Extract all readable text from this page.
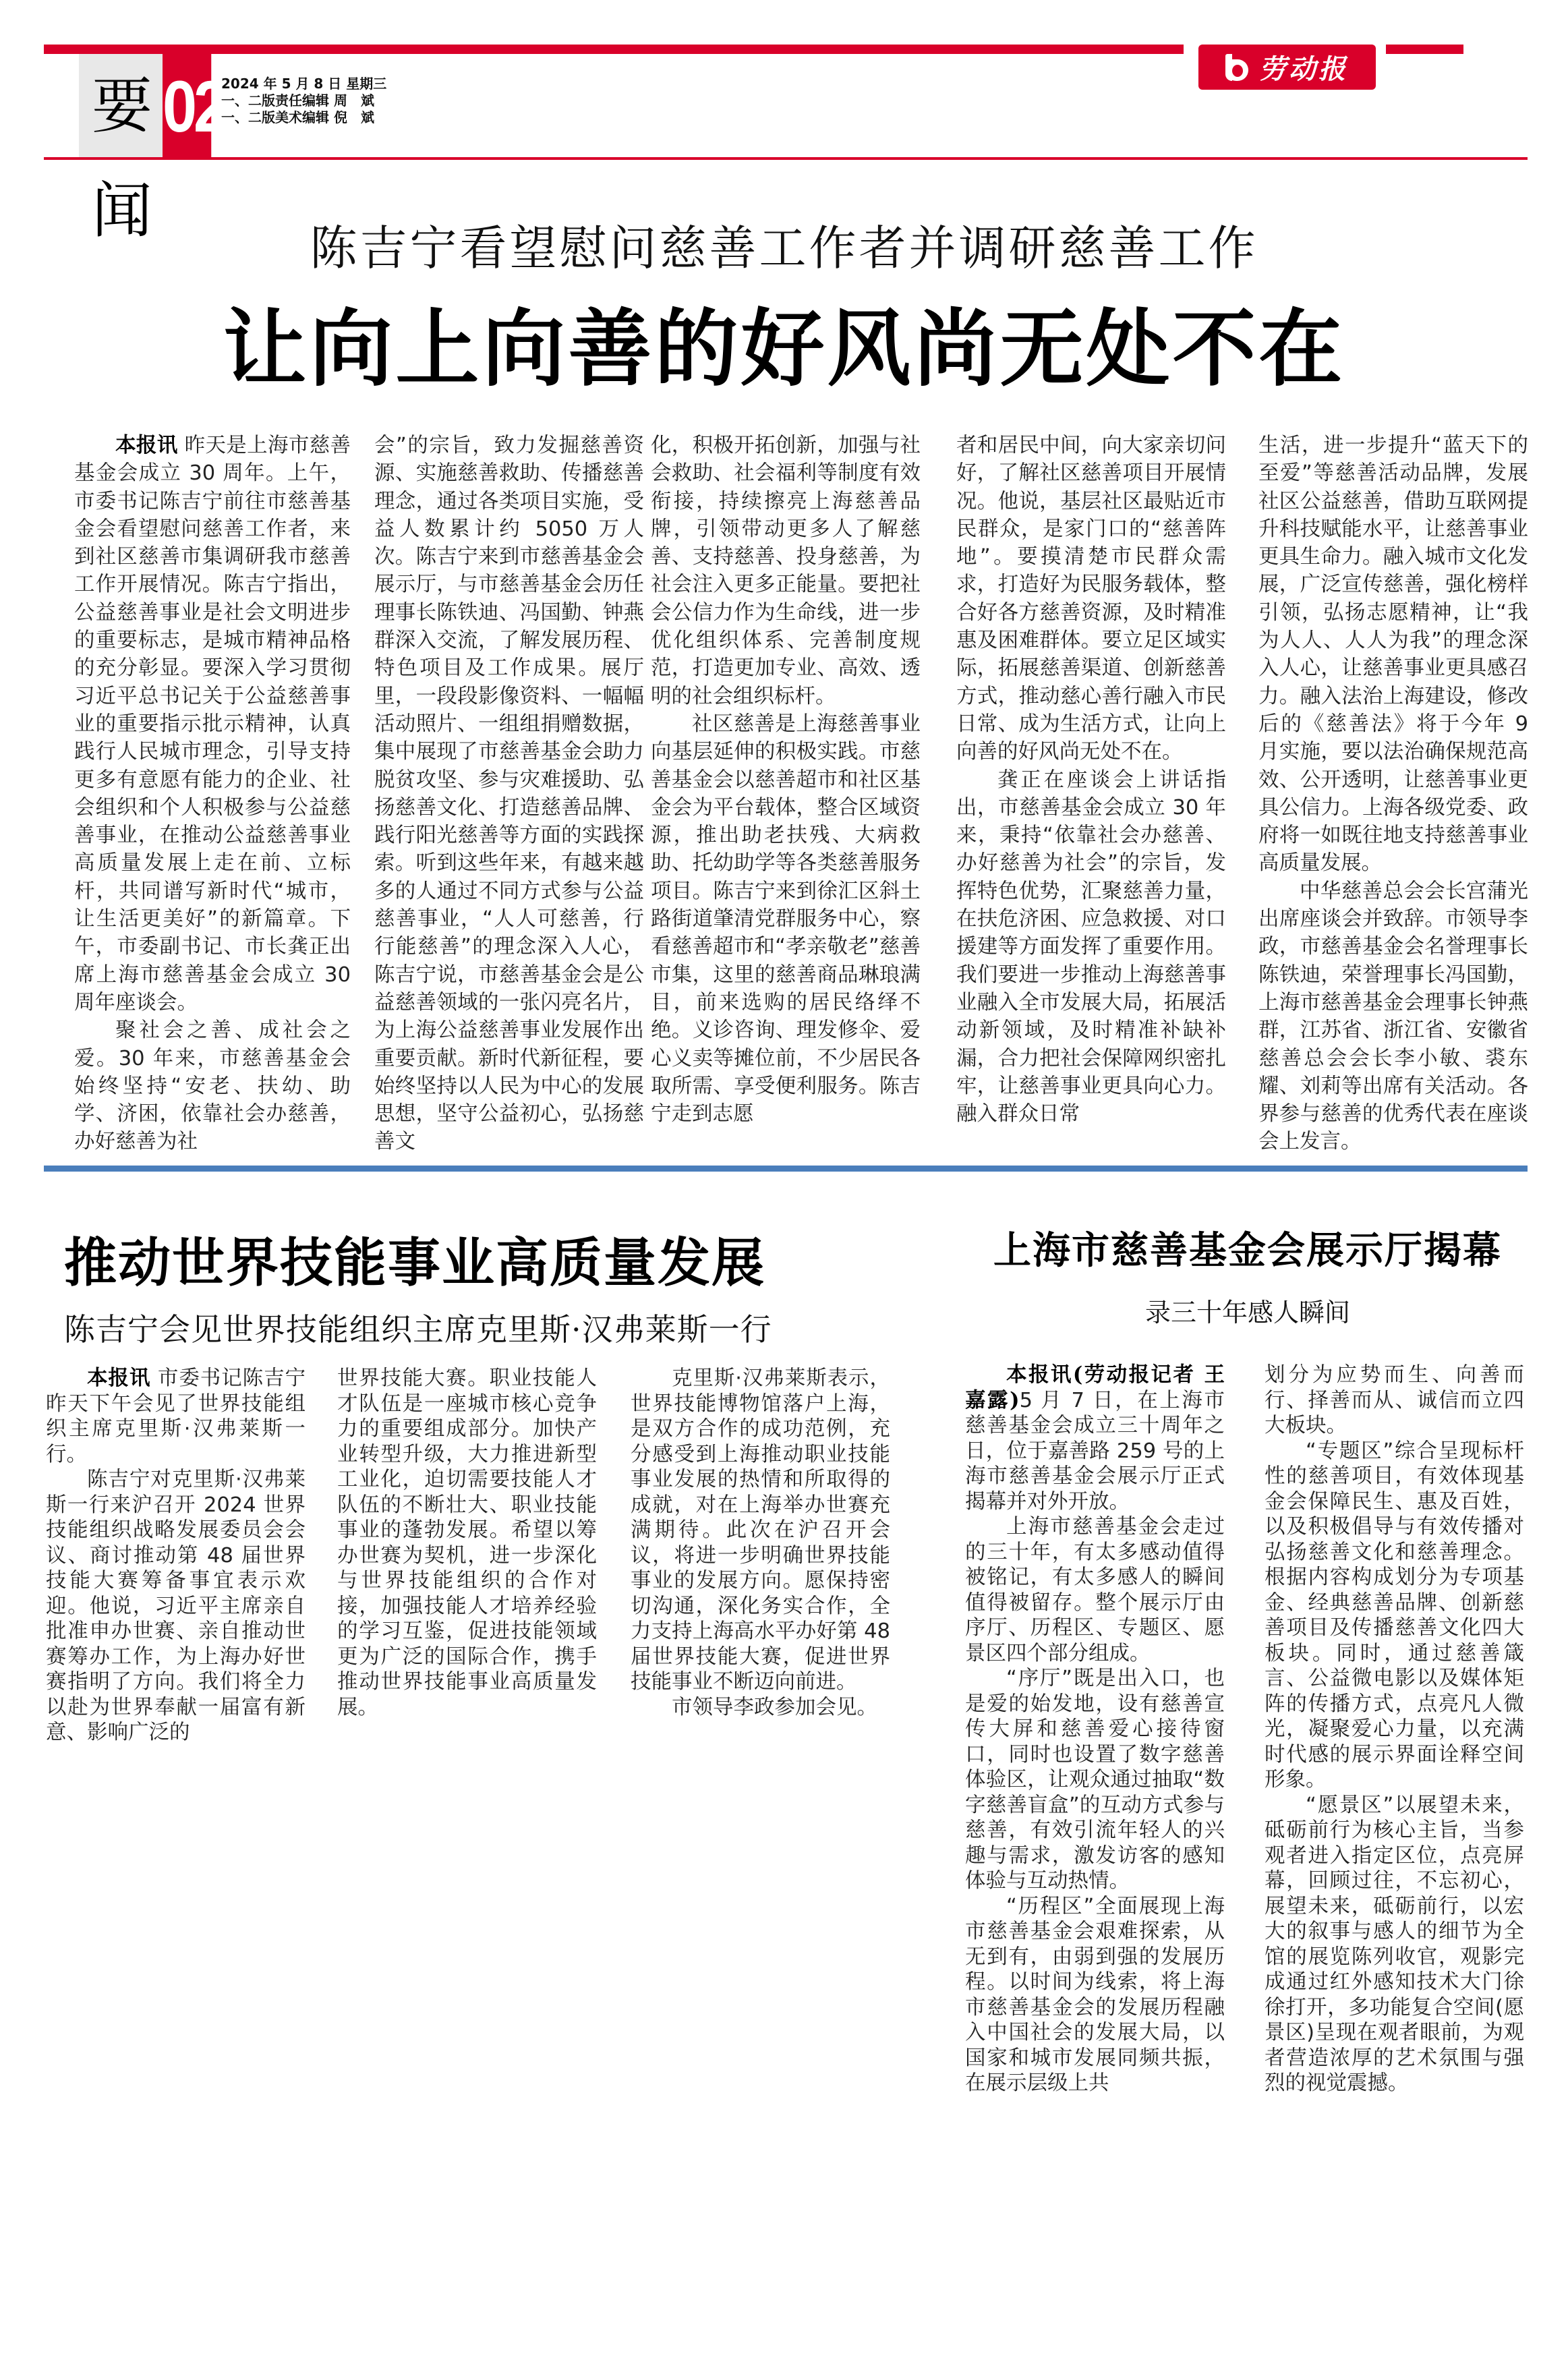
劳动报
要闻
02
2024 年 5 月 8 日 星期三
一、二版责任编辑 周　斌
一、二版美术编辑 倪　斌
陈吉宁看望慰问慈善工作者并调研慈善工作
让向上向善的好风尚无处不在

本报讯 昨天是上海市慈善基金会成立 30 周年。上午，市委书记陈吉宁前往市慈善基金会看望慰问慈善工作者，来到社区慈善市集调研我市慈善工作开展情况。陈吉宁指出，公益慈善事业是社会文明进步的重要标志，是城市精神品格的充分彰显。要深入学习贯彻习近平总书记关于公益慈善事业的重要指示批示精神，认真践行人民城市理念，引导支持更多有意愿有能力的企业、社会组织和个人积极参与公益慈善事业，在推动公益慈善事业高质量发展上走在前、立标杆，共同谱写新时代“城市，让生活更美好”的新篇章。下午，市委副书记、市长龚正出席上海市慈善基金会成立 30 周年座谈会。

聚社会之善、成社会之爱。30 年来，市慈善基金会始终坚持“安老、扶幼、助学、济困，依靠社会办慈善，办好慈善为社

会”的宗旨，致力发掘慈善资源、实施慈善救助、传播慈善理念，通过各类项目实施，受益人数累计约 5050 万人次。陈吉宁来到市慈善基金会展示厅，与市慈善基金会历任理事长陈铁迪、冯国勤、钟燕群深入交流，了解发展历程、特色项目及工作成果。展厅里，一段段影像资料、一幅幅活动照片、一组组捐赠数据，集中展现了市慈善基金会助力脱贫攻坚、参与灾难援助、弘扬慈善文化、打造慈善品牌、践行阳光慈善等方面的实践探索。听到这些年来，有越来越多的人通过不同方式参与公益慈善事业，“人人可慈善，行行能慈善”的理念深入人心，陈吉宁说，市慈善基金会是公益慈善领域的一张闪亮名片，为上海公益慈善事业发展作出重要贡献。新时代新征程，要始终坚持以人民为中心的发展思想，坚守公益初心，弘扬慈善文

化，积极开拓创新，加强与社会救助、社会福利等制度有效衔接，持续擦亮上海慈善品牌，引领带动更多人了解慈善、支持慈善、投身慈善，为社会注入更多正能量。要把社会公信力作为生命线，进一步优化组织体系、完善制度规范，打造更加专业、高效、透明的社会组织标杆。

社区慈善是上海慈善事业向基层延伸的积极实践。市慈善基金会以慈善超市和社区基金会为平台载体，整合区域资源，推出助老扶残、大病救助、托幼助学等各类慈善服务项目。陈吉宁来到徐汇区斜土路街道肇清党群服务中心，察看慈善超市和“孝亲敬老”慈善市集，这里的慈善商品琳琅满目，前来选购的居民络绎不绝。义诊咨询、理发修伞、爱心义卖等摊位前，不少居民各取所需、享受便利服务。陈吉宁走到志愿

者和居民中间，向大家亲切问好，了解社区慈善项目开展情况。他说，基层社区最贴近市民群众，是家门口的“慈善阵地”。要摸清楚市民群众需求，打造好为民服务载体，整合好各方慈善资源，及时精准惠及困难群体。要立足区域实际，拓展慈善渠道、创新慈善方式，推动慈心善行融入市民日常、成为生活方式，让向上向善的好风尚无处不在。

龚正在座谈会上讲话指出，市慈善基金会成立 30 年来，秉持“依靠社会办慈善、办好慈善为社会”的宗旨，发挥特色优势，汇聚慈善力量，在扶危济困、应急救援、对口援建等方面发挥了重要作用。我们要进一步推动上海慈善事业融入全市发展大局，拓展活动新领域，及时精准补缺补漏，合力把社会保障网织密扎牢，让慈善事业更具向心力。融入群众日常

生活，进一步提升“蓝天下的至爱”等慈善活动品牌，发展社区公益慈善，借助互联网提升科技赋能水平，让慈善事业更具生命力。融入城市文化发展，广泛宣传慈善，强化榜样引领，弘扬志愿精神，让“我为人人、人人为我”的理念深入人心，让慈善事业更具感召力。融入法治上海建设，修改后的《慈善法》将于今年 9 月实施，要以法治确保规范高效、公开透明，让慈善事业更具公信力。上海各级党委、政府将一如既往地支持慈善事业高质量发展。

中华慈善总会会长宫蒲光出席座谈会并致辞。市领导李政，市慈善基金会名誉理事长陈铁迪，荣誉理事长冯国勤，上海市慈善基金会理事长钟燕群，江苏省、浙江省、安徽省慈善总会会长李小敏、裘东耀、刘莉等出席有关活动。各界参与慈善的优秀代表在座谈会上发言。

推动世界技能事业高质量发展
陈吉宁会见世界技能组织主席克里斯·汉弗莱斯一行

本报讯 市委书记陈吉宁昨天下午会见了世界技能组织主席克里斯·汉弗莱斯一行。

陈吉宁对克里斯·汉弗莱斯一行来沪召开 2024 世界技能组织战略发展委员会会议、商讨推动第 48 届世界技能大赛筹备事宜表示欢迎。他说，习近平主席亲自批准申办世赛、亲自推动世赛筹办工作，为上海办好世赛指明了方向。我们将全力以赴为世界奉献一届富有新意、影响广泛的

世界技能大赛。职业技能人才队伍是一座城市核心竞争力的重要组成部分。加快产业转型升级，大力推进新型工业化，迫切需要技能人才队伍的不断壮大、职业技能事业的蓬勃发展。希望以筹办世赛为契机，进一步深化与世界技能组织的合作对接，加强技能人才培养经验的学习互鉴，促进技能领域更为广泛的国际合作，携手推动世界技能事业高质量发展。

克里斯·汉弗莱斯表示，世界技能博物馆落户上海，是双方合作的成功范例，充分感受到上海推动职业技能事业发展的热情和所取得的成就，对在上海举办世赛充满期待。此次在沪召开会议，将进一步明确世界技能事业的发展方向。愿保持密切沟通，深化务实合作，全力支持上海高水平办好第 48 届世界技能大赛，促进世界技能事业不断迈向前进。

市领导李政参加会见。

上海市慈善基金会展示厅揭幕
录三十年感人瞬间

本报讯(劳动报记者 王嘉露)5 月 7 日，在上海市慈善基金会成立三十周年之日，位于嘉善路 259 号的上海市慈善基金会展示厅正式揭幕并对外开放。

上海市慈善基金会走过的三十年，有太多感动值得被铭记，有太多感人的瞬间值得被留存。整个展示厅由序厅、历程区、专题区、愿景区四个部分组成。

“序厅”既是出入口，也是爱的始发地，设有慈善宣传大屏和慈善爱心接待窗口，同时也设置了数字慈善体验区，让观众通过抽取“数字慈善盲盒”的互动方式参与慈善，有效引流年轻人的兴趣与需求，激发访客的感知体验与互动热情。

“历程区”全面展现上海市慈善基金会艰难探索，从无到有，由弱到强的发展历程。以时间为线索，将上海市慈善基金会的发展历程融入中国社会的发展大局，以国家和城市发展同频共振，在展示层级上共

划分为应势而生、向善而行、择善而从、诚信而立四大板块。

“专题区”综合呈现标杆性的慈善项目，有效体现基金会保障民生、惠及百姓，以及积极倡导与有效传播对 弘扬慈善文化和慈善理念。根据内容构成划分为专项基金、经典慈善品牌、创新慈善项目及传播慈善文化四大板块。同时，通过慈善箴言、公益微电影以及媒体矩阵的传播方式，点亮凡人微光，凝聚爱心力量，以充满时代感的展示界面诠释空间形象。

“愿景区”以展望未来，砥砺前行为核心主旨，当参观者进入指定区位，点亮屏幕，回顾过往，不忘初心，展望未来，砥砺前行，以宏大的叙事与感人的细节为全馆的展览陈列收官，观影完成通过红外感知技术大门徐徐打开，多功能复合空间(愿景区)呈现在观者眼前，为观者营造浓厚的艺术氛围与强烈的视觉震撼。
